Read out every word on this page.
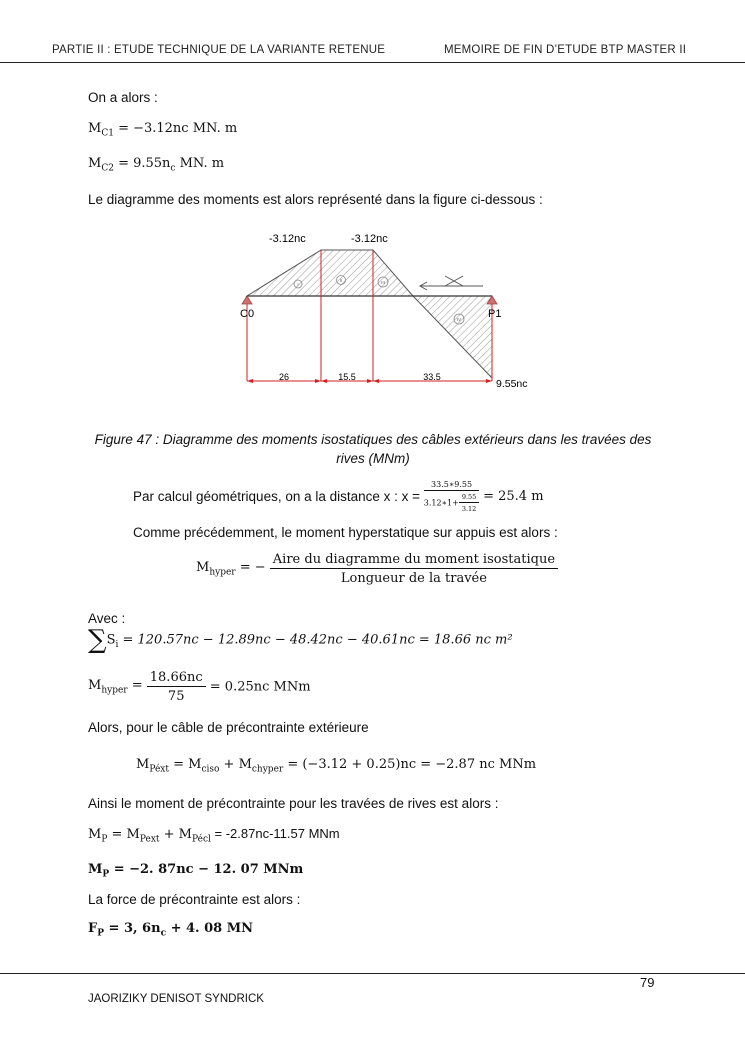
PARTIE II : ETUDE TECHNIQUE DE LA VARIANTE RETENUE	MEMOIRE DE FIN D’ETUDE BTP MASTER II
On a alors :
$M_{C1} = -3.12nc$ MN. m
$M_{C2} = 9.55n_c$ MN. m
Le diagramme des moments est alors représenté dans la figure ci-dessous :
I
II	III
IV
-3.12nc	-3.12nc
C0	P1
9.55nc
26	15.5	33.5
Figure 47 : Diagramme des moments isostatiques des câbles extérieurs dans les travées des rives (MNm)
Par calcul géométriques, on a la distance x : $x = \frac{33.5∗9.55}{3.12∗1+ \frac{9.55}{3.12}} = 25.4$ m
Comme précédemment, le moment hyperstatique sur appuis est alors :
$M_{hyper}$ = − $\frac{\text{Aire du diagramme du moment isostatique}}{\text{Longueur de la travée}}$
Avec :
$\sum S_i = 120.57nc - 12.89nc - 48.42nc - 40.61nc = 18.66$ nc m²
$M_{hyper} = \frac{18.66nc}{75} = 0.25nc$ MNm
Alors, pour le câble de précontrainte extérieure
$M_{Péxt} = M_{ciso} + M_{chyper} = (-3.12 + 0.25)nc = -2.87$ nc MNm
Ainsi le moment de précontrainte pour les travées de rives est alors :
$M_P = M_{Pext} + M_{Pécl} = -2.87nc-11.57$ MNm
$M_P = -2$. 87nc − 12. 07 MNm
La force de précontrainte est alors :
$F_P = 3$, $6n_c + 4$. 08 MN
79
JAORIZIKY DENISOT SYNDRICK
